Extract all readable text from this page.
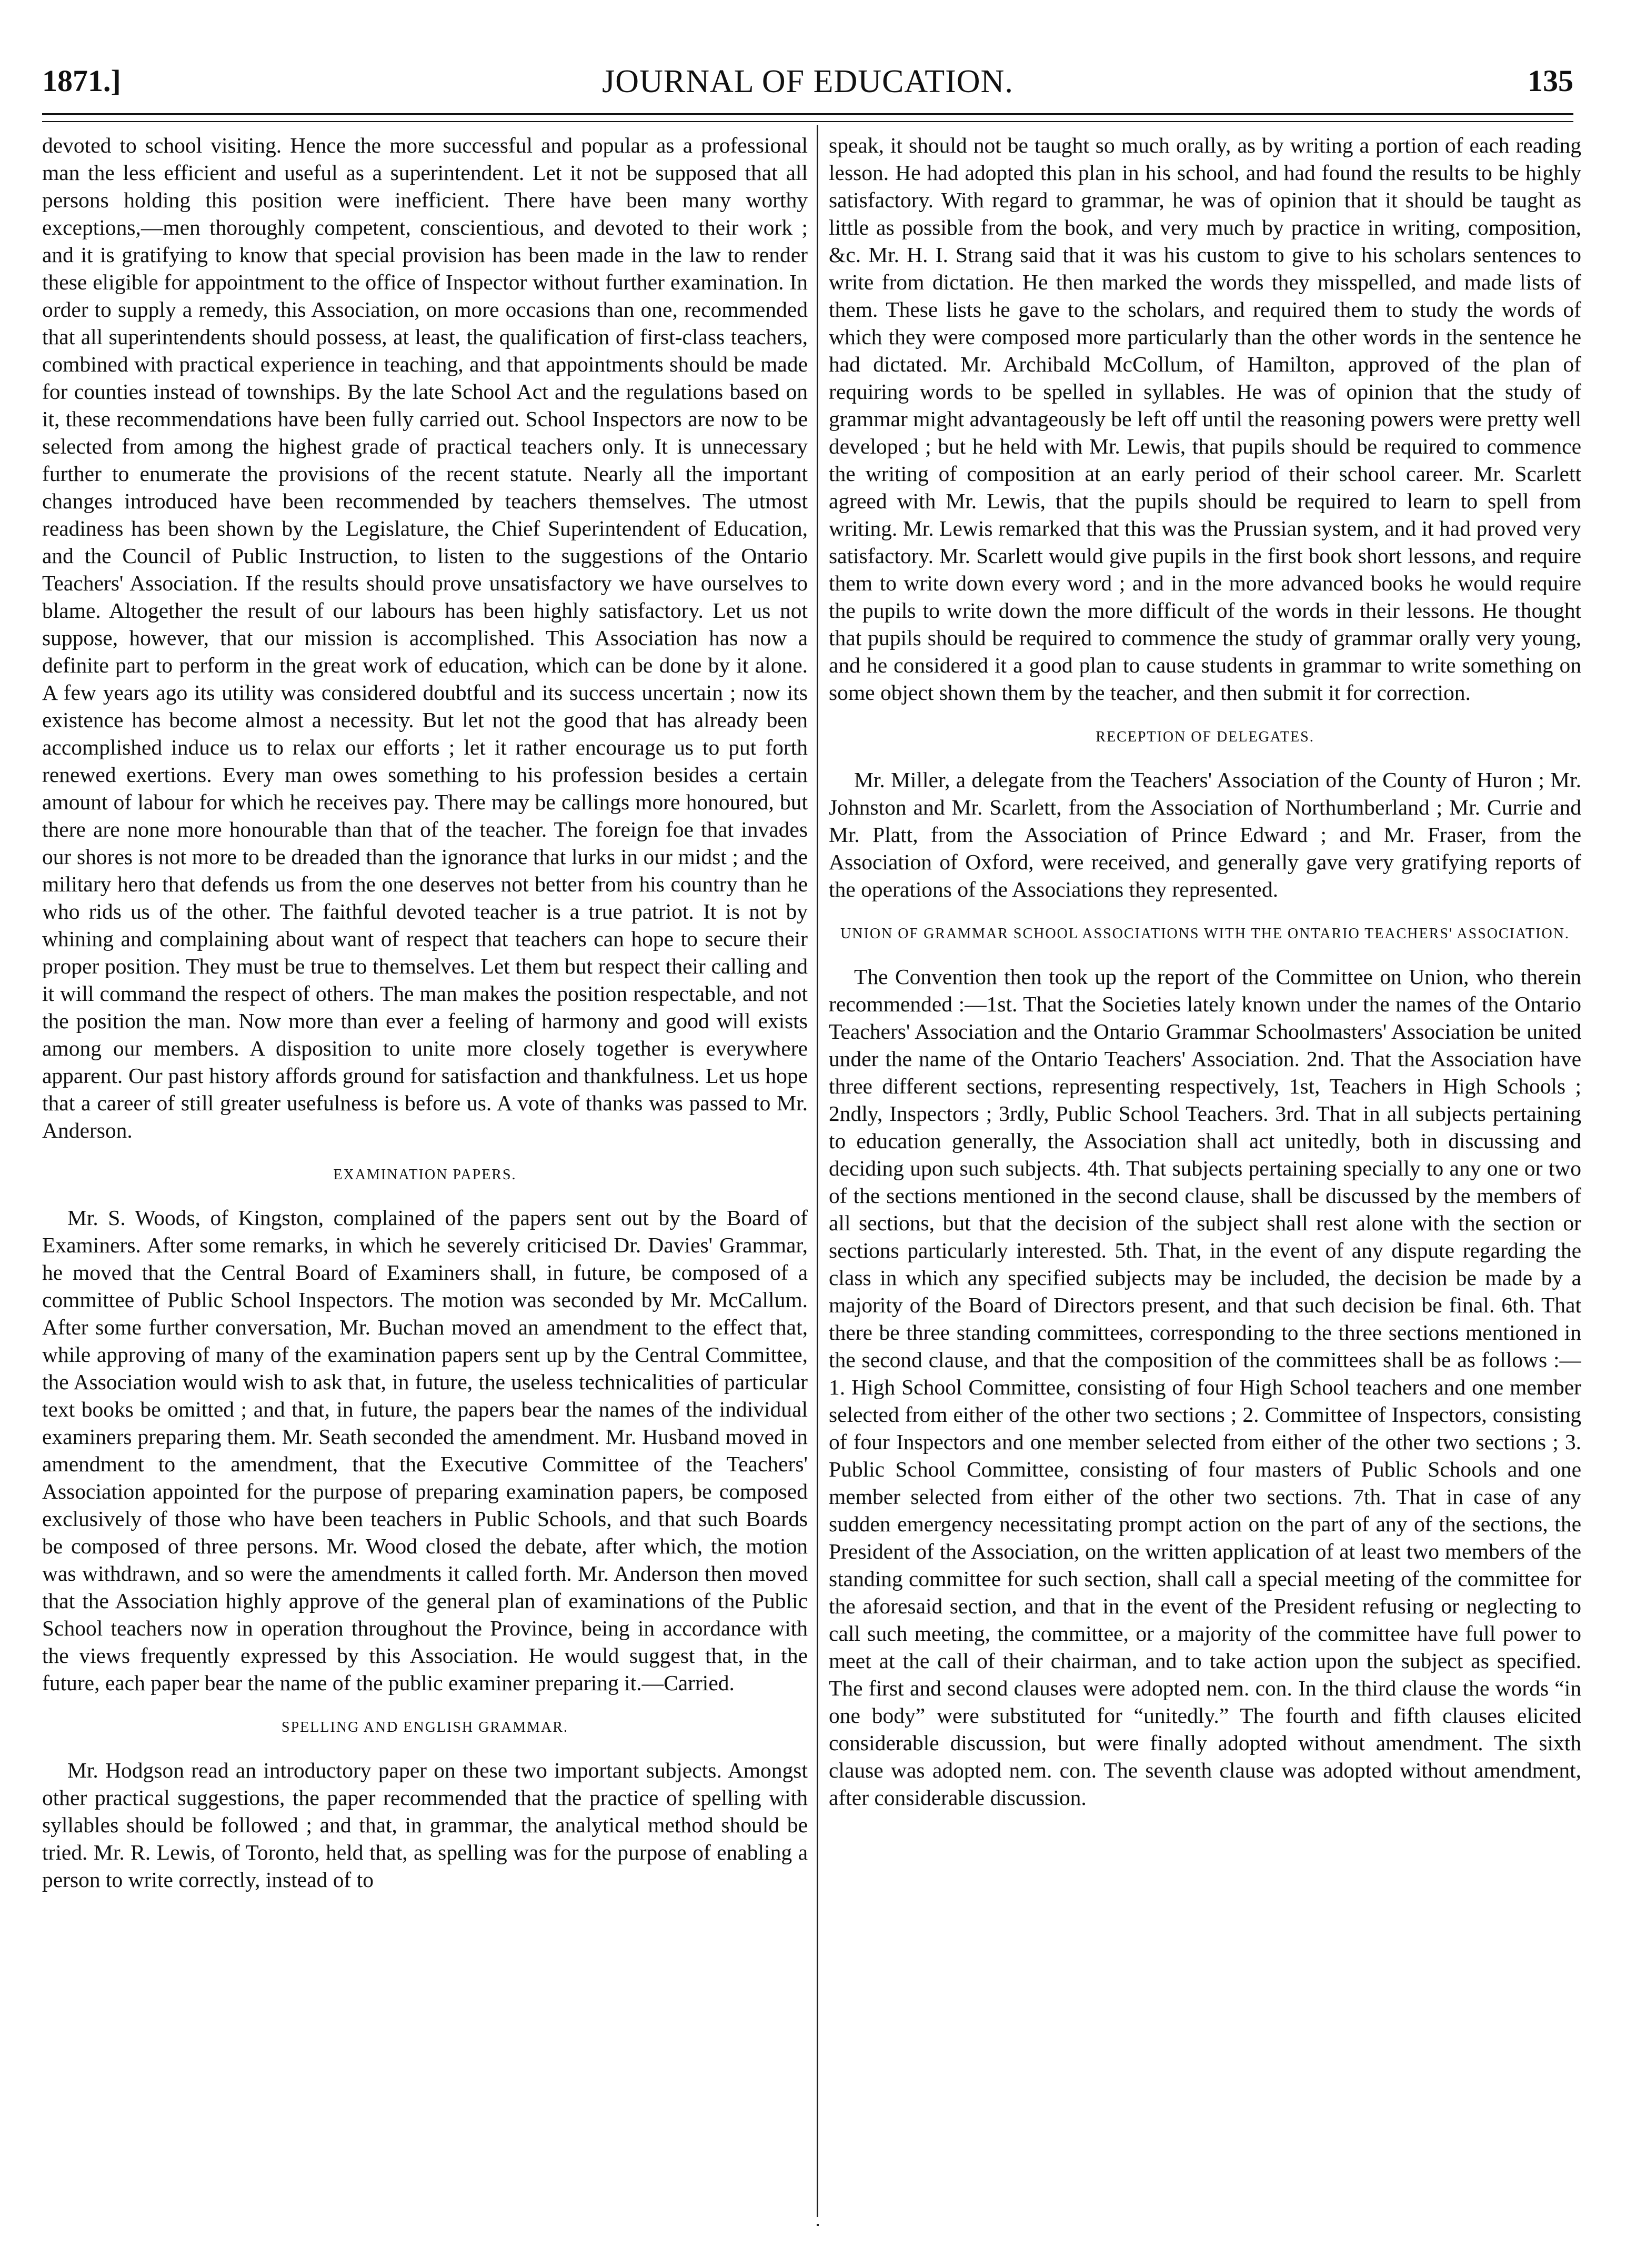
1871.]	JOURNAL OF EDUCATION.	135

devoted to school visiting. Hence the more successful and popular as a professional man the less efficient and useful as a superintendent. Let it not be supposed that all persons holding this position were inefficient. There have been many worthy exceptions,—men thoroughly competent, conscientious, and devoted to their work ; and it is gratifying to know that special provision has been made in the law to render these eligible for appointment to the office of Inspector without further examination. In order to supply a remedy, this Association, on more occasions than one, recommended that all superintendents should possess, at least, the qualification of first-class teachers, combined with practical experience in teaching, and that appointments should be made for counties instead of townships. By the late School Act and the regulations based on it, these recommendations have been fully carried out. School Inspectors are now to be selected from among the highest grade of practical teachers only. It is unnecessary further to enumerate the provisions of the recent statute. Nearly all the important changes introduced have been recommended by teachers themselves. The utmost readiness has been shown by the Legislature, the Chief Superintendent of Education, and the Council of Public Instruction, to listen to the suggestions of the Ontario Teachers' Association. If the results should prove unsatisfactory we have ourselves to blame. Altogether the result of our labours has been highly satisfactory. Let us not suppose, however, that our mission is accomplished. This Association has now a definite part to perform in the great work of education, which can be done by it alone. A few years ago its utility was considered doubtful and its success uncertain ; now its existence has become almost a necessity. But let not the good that has already been accomplished induce us to relax our efforts ; let it rather encourage us to put forth renewed exertions. Every man owes something to his profession besides a certain amount of labour for which he receives pay. There may be callings more honoured, but there are none more honourable than that of the teacher. The foreign foe that invades our shores is not more to be dreaded than the ignorance that lurks in our midst ; and the military hero that defends us from the one deserves not better from his country than he who rids us of the other. The faithful devoted teacher is a true patriot. It is not by whining and complaining about want of respect that teachers can hope to secure their proper position. They must be true to themselves. Let them but respect their calling and it will command the respect of others. The man makes the position respectable, and not the position the man. Now more than ever a feeling of harmony and good will exists among our members. A disposition to unite more closely together is everywhere apparent. Our past history affords ground for satisfaction and thankfulness. Let us hope that a career of still greater usefulness is before us. A vote of thanks was passed to Mr. Anderson.

EXAMINATION PAPERS.

Mr. S. Woods, of Kingston, complained of the papers sent out by the Board of Examiners. After some remarks, in which he severely criticised Dr. Davies' Grammar, he moved that the Central Board of Examiners shall, in future, be composed of a committee of Public School Inspectors. The motion was seconded by Mr. McCallum. After some further conversation, Mr. Buchan moved an amendment to the effect that, while approving of many of the examination papers sent up by the Central Committee, the Association would wish to ask that, in future, the useless technicalities of particular text books be omitted ; and that, in future, the papers bear the names of the individual examiners preparing them. Mr. Seath seconded the amendment. Mr. Husband moved in amendment to the amendment, that the Executive Committee of the Teachers' Association appointed for the purpose of preparing examination papers, be composed exclusively of those who have been teachers in Public Schools, and that such Boards be composed of three persons. Mr. Wood closed the debate, after which, the motion was withdrawn, and so were the amendments it called forth. Mr. Anderson then moved that the Association highly approve of the general plan of examinations of the Public School teachers now in operation throughout the Province, being in accordance with the views frequently expressed by this Association. He would suggest that, in the future, each paper bear the name of the public examiner preparing it.—Carried.

SPELLING AND ENGLISH GRAMMAR.

Mr. Hodgson read an introductory paper on these two important subjects. Amongst other practical suggestions, the paper recommended that the practice of spelling with syllables should be followed ; and that, in grammar, the analytical method should be tried. Mr. R. Lewis, of Toronto, held that, as spelling was for the purpose of enabling a person to write correctly, instead of to

speak, it should not be taught so much orally, as by writing a portion of each reading lesson. He had adopted this plan in his school, and had found the results to be highly satisfactory. With regard to grammar, he was of opinion that it should be taught as little as possible from the book, and very much by practice in writing, composition, &c. Mr. H. I. Strang said that it was his custom to give to his scholars sentences to write from dictation. He then marked the words they misspelled, and made lists of them. These lists he gave to the scholars, and required them to study the words of which they were composed more particularly than the other words in the sentence he had dictated. Mr. Archibald McCollum, of Hamilton, approved of the plan of requiring words to be spelled in syllables. He was of opinion that the study of grammar might advantageously be left off until the reasoning powers were pretty well developed ; but he held with Mr. Lewis, that pupils should be required to commence the writing of composition at an early period of their school career. Mr. Scarlett agreed with Mr. Lewis, that the pupils should be required to learn to spell from writing. Mr. Lewis remarked that this was the Prussian system, and it had proved very satisfactory. Mr. Scarlett would give pupils in the first book short lessons, and require them to write down every word ; and in the more advanced books he would require the pupils to write down the more difficult of the words in their lessons. He thought that pupils should be required to commence the study of grammar orally very young, and he considered it a good plan to cause students in grammar to write something on some object shown them by the teacher, and then submit it for correction.

RECEPTION OF DELEGATES.

Mr. Miller, a delegate from the Teachers' Association of the County of Huron ; Mr. Johnston and Mr. Scarlett, from the Association of Northumberland ; Mr. Currie and Mr. Platt, from the Association of Prince Edward ; and Mr. Fraser, from the Association of Oxford, were received, and generally gave very gratifying reports of the operations of the Associations they represented.

UNION OF GRAMMAR SCHOOL ASSOCIATIONS WITH THE ONTARIO TEACHERS' ASSOCIATION.

The Convention then took up the report of the Committee on Union, who therein recommended :—1st. That the Societies lately known under the names of the Ontario Teachers' Association and the Ontario Grammar Schoolmasters' Association be united under the name of the Ontario Teachers' Association. 2nd. That the Association have three different sections, representing respectively, 1st, Teachers in High Schools ; 2ndly, Inspectors ; 3rdly, Public School Teachers. 3rd. That in all subjects pertaining to education generally, the Association shall act unitedly, both in discussing and deciding upon such subjects. 4th. That subjects pertaining specially to any one or two of the sections mentioned in the second clause, shall be discussed by the members of all sections, but that the decision of the subject shall rest alone with the section or sections particularly interested. 5th. That, in the event of any dispute regarding the class in which any specified subjects may be included, the decision be made by a majority of the Board of Directors present, and that such decision be final. 6th. That there be three standing committees, corresponding to the three sections mentioned in the second clause, and that the composition of the committees shall be as follows :—1. High School Committee, consisting of four High School teachers and one member selected from either of the other two sections ; 2. Committee of Inspectors, consisting of four Inspectors and one member selected from either of the other two sections ; 3. Public School Committee, consisting of four masters of Public Schools and one member selected from either of the other two sections. 7th. That in case of any sudden emergency necessitating prompt action on the part of any of the sections, the President of the Association, on the written application of at least two members of the standing committee for such section, shall call a special meeting of the committee for the aforesaid section, and that in the event of the President refusing or neglecting to call such meeting, the committee, or a majority of the committee have full power to meet at the call of their chairman, and to take action upon the subject as specified. The first and second clauses were adopted nem. con. In the third clause the words “in one body” were substituted for “unitedly.” The fourth and fifth clauses elicited considerable discussion, but were finally adopted without amendment. The sixth clause was adopted nem. con. The seventh clause was adopted without amendment, after considerable discussion.
